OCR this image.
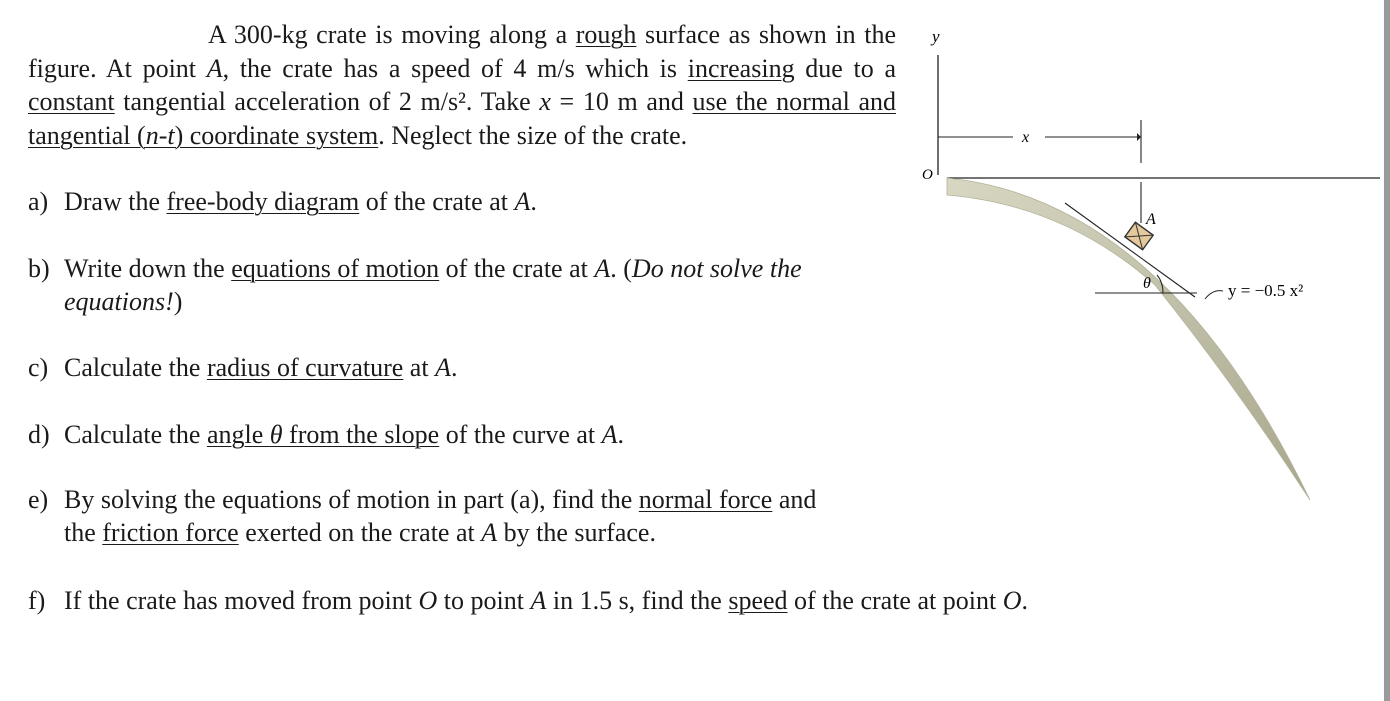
A 300-kg crate is moving along a rough surface as shown in the figure. At point A, the crate has a speed of 4 m/s which is increasing due to a constant tangential acceleration of 2 m/s². Take x = 10 m and use the normal and tangential (n-t) coordinate system. Neglect the size of the crate.

a) Draw the free-body diagram of the crate at A.
b) Write down the equations of motion of the crate at A. (Do not solve the
equations!)
c) Calculate the radius of curvature at A.
d) Calculate the angle θ from the slope of the curve at A.
e) By solving the equations of motion in part (a), find the normal force and
the friction force exerted on the crate at A by the surface.
f) If the crate has moved from point O to point A in 1.5 s, find the speed of the crate at point O.
y
x
O
θ
A
y = −0.5 x²
